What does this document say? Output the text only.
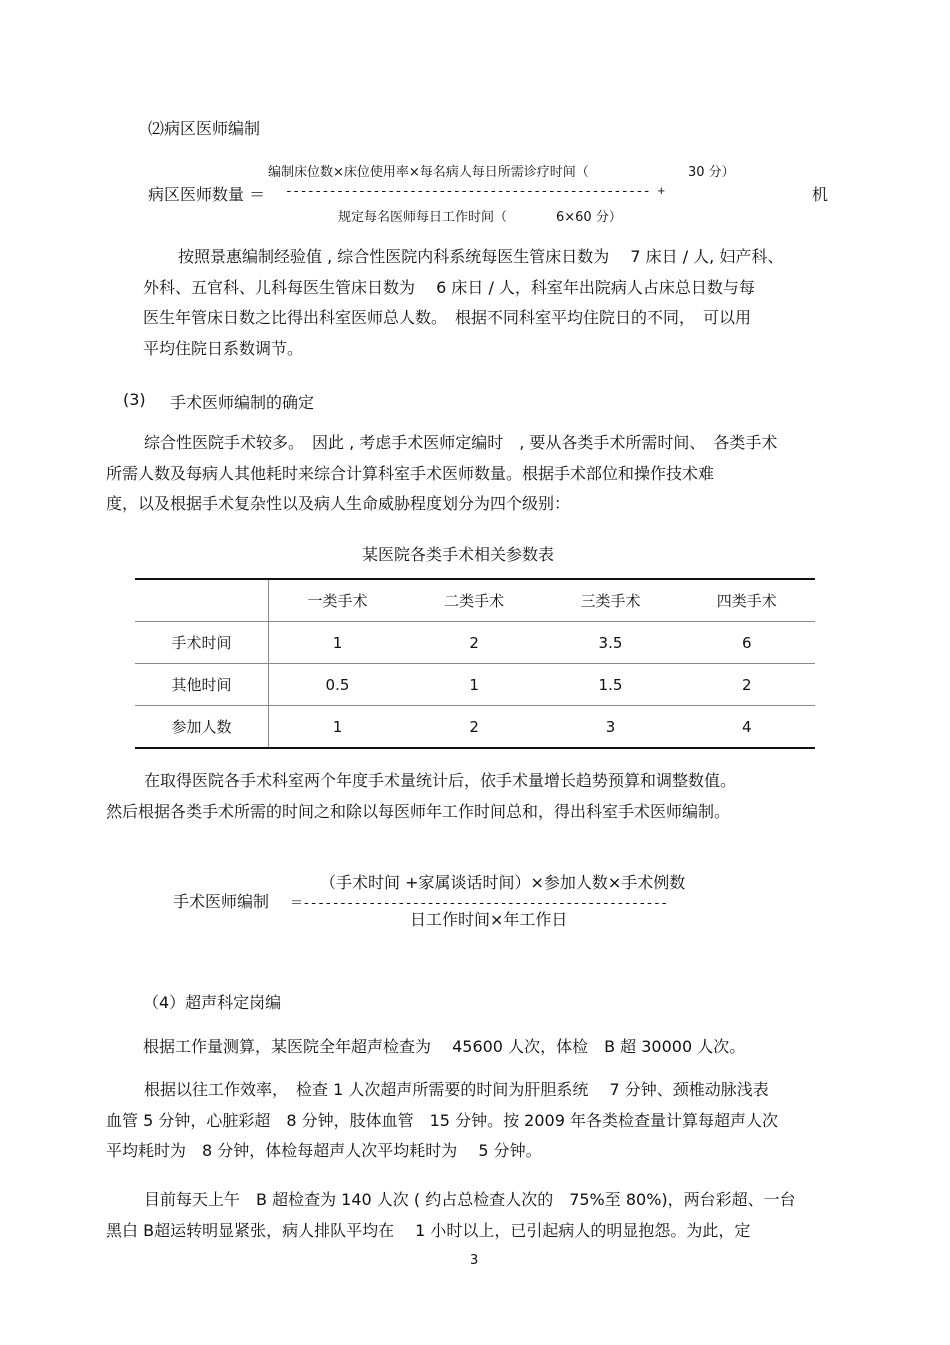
⑵病区医师编制
编制床位数×床位使用率×每名病人每日所需诊疗时间（	30 分）
病区医师数量 ＝ -------------------------------------------------- +	机
规定每名医师每日工作时间（	6×60 分）
按照景惠编制经验值 , 综合性医院内科系统每医生管床日数为　 7 床日 / 人, 妇产科、
外科、五官科、儿科每医生管床日数为　 6 床日 / 人，科室年出院病人占床总日数与每
医生年管床日数之比得出科室医师总人数。　根据不同科室平均住院日的不同，　可以用
平均住院日系数调节。
(3) 手术医师编制的确定
综合性医院手术较多。　因此 , 考虑手术医师定编时　, 要从各类手术所需时间、　各类手术
所需人数及每病人其他耗时来综合计算科室手术医师数量。根据手术部位和操作技术难
度，以及根据手术复杂性以及病人生命威胁程度划分为四个级别：
某医院各类手术相关参数表
	一类手术	二类手术	三类手术	四类手术
手术时间	1	2	3.5	6
其他时间	0.5	1	1.5	2
参加人数	1	2	3	4
在取得医院各手术科室两个年度手术量统计后，依手术量增长趋势预算和调整数值。
然后根据各类手术所需的时间之和除以每医师年工作时间总和，得出科室手术医师编制。
（手术时间 +家属谈话时间）×参加人数×手术例数
手术医师编制 ＝--------------------------------------------------
日工作时间×年工作日
（4）超声科定岗编
根据工作量测算，某医院全年超声检查为　 45600 人次，体检　B 超 30000 人次。
根据以往工作效率，　检查 1 人次超声所需要的时间为肝胆系统　 7 分钟、颈椎动脉浅表
血管 5 分钟，心脏彩超　8 分钟，肢体血管　15 分钟。按 2009 年各类检查量计算每超声人次
平均耗时为　8 分钟，体检每超声人次平均耗时为　 5 分钟。
目前每天上午　B 超检查为 140 人次 ( 约占总检查人次的　75%至 80%)，两台彩超、一台
黑白 B超运转明显紧张，病人排队平均在　 1 小时以上，已引起病人的明显抱怨。为此，定
3
